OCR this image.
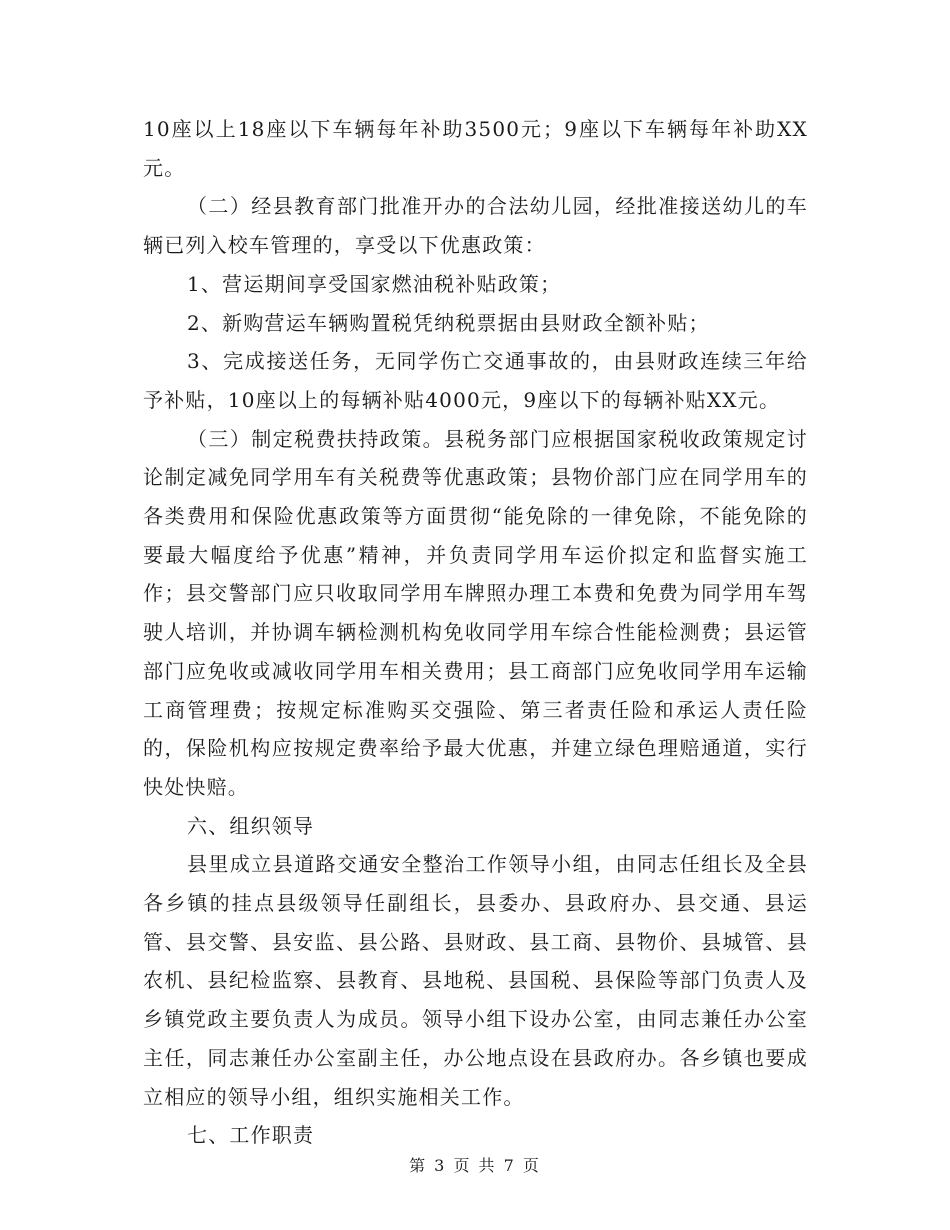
10座以上18座以下车辆每年补助3500元；9座以下车辆每年补助XX元。

（二）经县教育部门批准开办的合法幼儿园，经批准接送幼儿的车辆已列入校车管理的，享受以下优惠政策：

1、营运期间享受国家燃油税补贴政策；

2、新购营运车辆购置税凭纳税票据由县财政全额补贴；

3、完成接送任务，无同学伤亡交通事故的，由县财政连续三年给予补贴，10座以上的每辆补贴4000元，9座以下的每辆补贴XX元。

（三）制定税费扶持政策。县税务部门应根据国家税收政策规定讨论制定减免同学用车有关税费等优惠政策；县物价部门应在同学用车的各类费用和保险优惠政策等方面贯彻“能免除的一律免除，不能免除的要最大幅度给予优惠”精神，并负责同学用车运价拟定和监督实施工作；县交警部门应只收取同学用车牌照办理工本费和免费为同学用车驾驶人培训，并协调车辆检测机构免收同学用车综合性能检测费；县运管部门应免收或减收同学用车相关费用；县工商部门应免收同学用车运输工商管理费；按规定标准购买交强险、第三者责任险和承运人责任险的，保险机构应按规定费率给予最大优惠，并建立绿色理赔通道，实行快处快赔。

六、组织领导

县里成立县道路交通安全整治工作领导小组，由同志任组长及全县各乡镇的挂点县级领导任副组长，县委办、县政府办、县交通、县运管、县交警、县安监、县公路、县财政、县工商、县物价、县城管、县农机、县纪检监察、县教育、县地税、县国税、县保险等部门负责人及乡镇党政主要负责人为成员。领导小组下设办公室，由同志兼任办公室主任，同志兼任办公室副主任，办公地点设在县政府办。各乡镇也要成立相应的领导小组，组织实施相关工作。

七、工作职责

第 3 页 共 7 页
